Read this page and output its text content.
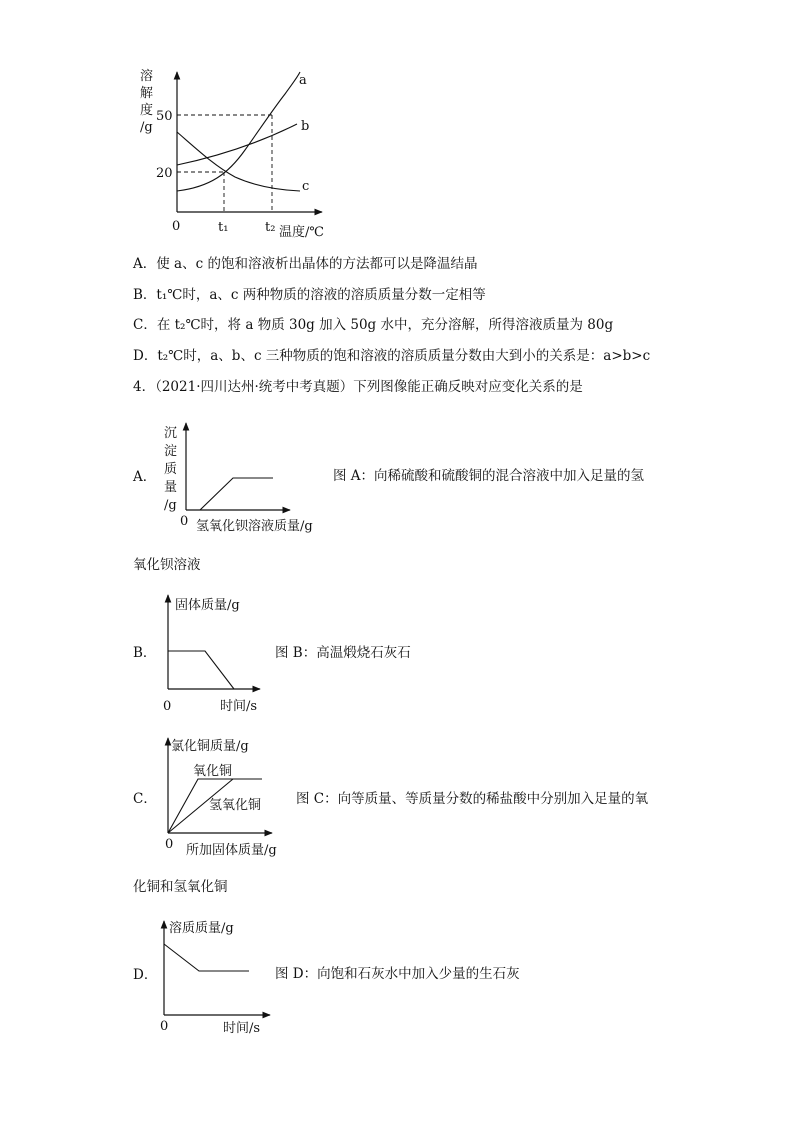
溶
解
度
/g
50
20
0	t₁	t₂ 温度/℃
a
b
c
沉
淀
质
量
/g
0 氢氧化钡溶液质量/g
固体质量/g
0	时间/s
氯化铜质量/g
氧化铜
氢氧化铜
0 所加固体质量/g
溶质质量/g
0	时间/s
A．使 a、c 的饱和溶液析出晶体的方法都可以是降温结晶
B．t₁℃时，a、c 两种物质的溶液的溶质质量分数一定相等
C．在 t₂℃时，将 a 物质 30g 加入 50g 水中，充分溶解，所得溶液质量为 80g
D．t₂℃时，a、b、c 三种物质的饱和溶液的溶质质量分数由大到小的关系是：a>b>c
4．（2021·四川达州·统考中考真题）下列图像能正确反映对应变化关系的是
A．	图 A：向稀硫酸和硫酸铜的混合溶液中加入足量的氢
氧化钡溶液
B．	图 B：高温煅烧石灰石
C．	图 C：向等质量、等质量分数的稀盐酸中分别加入足量的氧
化铜和氢氧化铜
D．	图 D：向饱和石灰水中加入少量的生石灰
